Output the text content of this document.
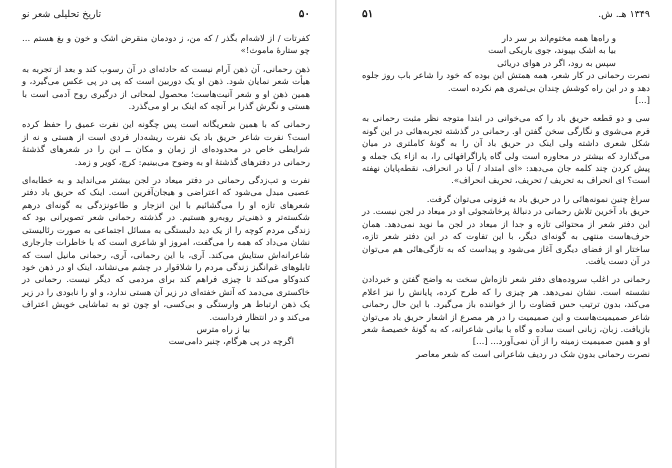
۵۰
تاریخ تحلیلی شعر نو

کفرتات / از لاشه‌ام بگذر / که من، ز دودمان منقرض اشک و خون و بغ هستم ... چو ستارهٔ ماموث!»

ذهن رحمانی، آن ذهن آرام نیست که حادثه‌ای در آن رسوب کند و بعد از تجربه به هیأت شعر نمایان شود. ذهن او یک دوربین است که پی در پی عکس می‌گیرد، و همین ذهن او و شعر آنیت‌هاست؛ محصول لمحاتی از درگیری روح آدمی است با هستی و نگرش گذرا بر آنچه که اینک بر او می‌گذرد.

رحمانی که با همین شعریگانه است پس چگونه این نفرت عمیق را حفظ کرده است؟ نفرت شاعر حریق باد یک نفرت ریشه‌دار فردی است از هستی و نه از شرایطی خاص در محدوده‌ای از زمان و مکان ــ این را در شعرهای گذشتهٔ رحمانی در دفترهای گذشتهٔ او به وضوح می‌بینیم: کرچ، کویر و زمد.

نفرت و تب‌زدگی رحمانی در دفتر میعاد در لجن بیشتر می‌انداید و به خطابه‌ای عصبی مبدل می‌شود که اعتراضی و هیجان‌آفرین است. اینک که حریق باد دفتر شعرهای تازه او را می‌گشائیم با این انزجار و طاعونزدگی به گونه‌ای درهم شکسته‌تر و ذهنی‌تر روبه‌رو هستیم. در گذشته رحمانی شعر تصویرانی بود که زندگی مردم کوچه را از یک دید دلبستگی به مسائل اجتماعی به صورت رئالیستی نشان می‌داد که همه را می‌گفت، امروز او شاعری است که با خاطرات جارجاری شاعرانه‌اش ستایش می‌کند. آری، با این رحمانی، آری، رحمانی مانیل است که تابلوهای غم‌انگیز زندگی مردم را شلاقوار در چشم می‌نشاند، اینک او در ذهن خود کندوکاو می‌کند تا چیزی فراهم کند برای مردمی که دیگر نیست. رحمانی در خاکستری می‌دمد که آتش خفته‌ای در زیر آن هستی ندارد، و او را نابودی را در زیر یک ذهن ارتباط هر وارستگی و بی‌کسی، او چون تو به تماشایی خویش اعتراف می‌کند و در انتظار فرداست.

بیا ز راه مترس

اگرچه در پی هرگام، چنبر دامی‌ست

۱۳۴۹ هـ. ش.
۵۱

و راه‌ها همه مختوم‌اند بر سر دار

بیا به اشک بپیوند، جوی باریکی است

سپس به رود، اگر در هوای دریائی

نصرت رحمانی در کار شعر، همه همتش این بوده که خود را شاعر باب روز جلوه دهد و در این راه کوشش چندان بی‌ثمری هم نکرده است.

[...]

سی و دو قطعه حریق باد را که می‌خوانی در ابتدا متوجه نظر مثبت رحمانی به فرم می‌شوی و نگارگی سخن گفتن او. رحمانی در گذشته تجربه‌هائی در این گونه شکل شعری داشته ولی اینک در حریق باد آن را به گونهٔ کاملتری در میان می‌گذارد که بیشتر در محاوره است ولی گاه پاراگرافهائی را، به ازاء یک جمله و پیش کردن چند کلمه جان می‌دهد: «ای امتداد / آیا در انحراف، نقطه‌پایان نهفته است؟ ای انحراف به تحریف / تحریف، تحریف انحراف».

سراغ چنین نمونه‌هائی را در حریق باد به فزونی می‌توان گرفت.

حریق باد آخرین تلاش رحمانی در دنبالهٔ پرخاشجوئی او در میعاد در لجن نیست. در این دفتر شعر از محتوائی تازه و جدا از میعاد در لجن ما نوید نمی‌دهد. همان حرف‌هاست منتهی به گونه‌ای دیگر، با این تفاوت که در این دفتر شعر تازه، ساختار او از فضای دیگری آغاز می‌شود و پیداست که به تازگی‌هائی هم می‌توان در آن دست یافت.

رحمانی در اغلب سروده‌های دفتر شعر تازه‌اش سخت به واضح گفتن و خبردادن نشسته است. نشان نمی‌دهد. هر چیزی را که طرح کرده، پایانش را نیز اعلام می‌کند، بدون ترتیب حس قضاوت را از خواننده باز می‌گیرد. با این حال رحمانی شاعر صمیمیت‌هاست و این صمیمیت را در هر مصرع از اشعار حریق باد می‌توان بازیافت. زبان، زبانی است ساده و گاه با بیانی شاعرانه، که به گونهٔ خصیصهٔ شعر او و همین صمیمیت زمینه را از آن نمی‌آورد... [...]

نصرت رحمانی بدون شک در ردیف شاعرانی است که شعر معاصر
